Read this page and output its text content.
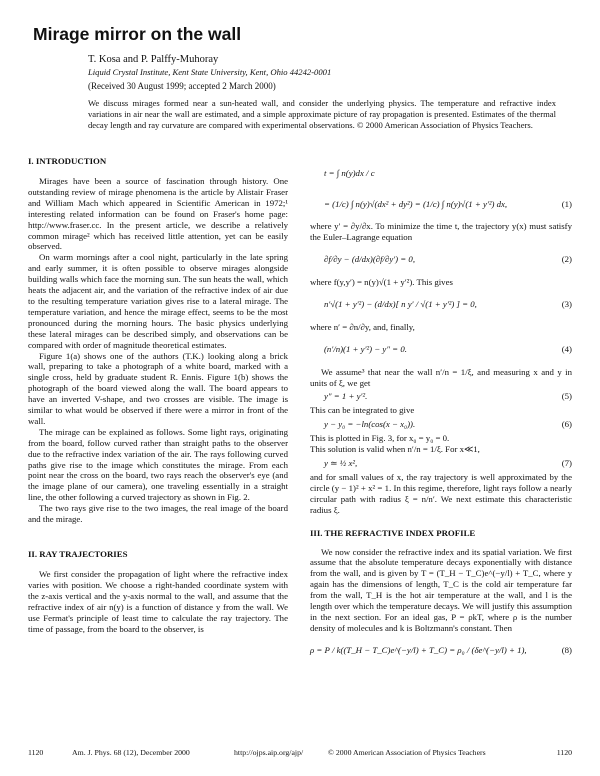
Mirage mirror on the wall
T. Kosa and P. Palffy-Muhoray
Liquid Crystal Institute, Kent State University, Kent, Ohio 44242-0001
(Received 30 August 1999; accepted 2 March 2000)
We discuss mirages formed near a sun-heated wall, and consider the underlying physics. The temperature and refractive index variations in air near the wall are estimated, and a simple approximate picture of ray propagation is presented. Estimates of the thermal decay length and ray curvature are compared with experimental observations. © 2000 American Association of Physics Teachers.
I. INTRODUCTION

Mirages have been a source of fascination through history. One outstanding review of mirage phenomena is the article by Alistair Fraser and William Mach which appeared in Scientific American in 1972;¹ interesting related information can be found on Fraser's home page: http://www.fraser.cc. In the present article, we describe a relatively common mirage² which has received little attention, yet can be easily observed.

On warm mornings after a cool night, particularly in the late spring and early summer, it is often possible to observe mirages alongside building walls which face the morning sun. The sun heats the wall, which heats the adjacent air, and the variation of the refractive index of air due to the resulting temperature variation gives rise to a lateral mirage. The temperature variation, and hence the mirage effect, seems to be the most pronounced during the morning hours. The basic physics underlying these lateral mirages can be described simply, and observations can be compared with order of magnitude theoretical estimates.

Figure 1(a) shows one of the authors (T.K.) looking along a brick wall, preparing to take a photograph of a white board, marked with a single cross, held by graduate student R. Ennis. Figure 1(b) shows the photograph of the board viewed along the wall. The board appears to have an inverted V-shape, and two crosses are visible. The image is similar to what would be observed if there were a mirror in front of the wall.

The mirage can be explained as follows. Some light rays, originating from the board, follow curved rather than straight paths to the observer due to the refractive index variation of the air. The rays following curved paths give rise to the image which constitutes the mirage. From each point near the cross on the board, two rays reach the observer's eye (and the image plane of our camera), one traveling essentially in a straight line, the other following a curved trajectory as shown in Fig. 2.

The two rays give rise to the two images, the real image of the board and the mirage.

II. RAY TRAJECTORIES

We first consider the propagation of light where the refractive index varies with position. We choose a right-handed coordinate system with the z-axis vertical and the y-axis normal to the wall, and assume that the refractive index of air n(y) is a function of distance y from the wall. We use Fermat's principle of least time to calculate the ray trajectory. The time of passage, from the board to the observer, is

t = ∫ n(y)dx / c
= (1/c) ∫ n(y)√(dx² + dy²) = (1/c) ∫ n(y)√(1 + y′²) dx,	(1)

where y′ = ∂y/∂x. To minimize the time t, the trajectory y(x) must satisfy the Euler–Lagrange equation

∂f/∂y − (d/dx)(∂f/∂y′) = 0,	(2)

where f(y,y′) = n(y)√(1 + y′²). This gives

n′√(1 + y′²) − (d/dx)[ n y′ / √(1 + y′²) ] = 0,	(3)

where n′ = ∂n/∂y, and, finally,

(n′/n)(1 + y′²) − y″ = 0.	(4)

We assume³ that near the wall n′/n = 1/ξ, and measuring x and y in units of ξ, we get

y″ = 1 + y′².	(5)

This can be integrated to give

y − y₀ = −ln(cos(x − x₀)).	(6)

This is plotted in Fig. 3, for x₀ = y₀ = 0.

This solution is valid when n′/n = 1/ξ. For x≪1,

y ≃ ½ x²,	(7)

and for small values of x, the ray trajectory is well approximated by the circle (y − 1)² + x² = 1. In this regime, therefore, light rays follow a nearly circular path with radius ξ = n/n′. We next estimate this characteristic radius ξ.

III. THE REFRACTIVE INDEX PROFILE

We now consider the refractive index and its spatial variation. We first assume that the absolute temperature decays exponentially with distance from the wall, and is given by T = (T_H − T_C)e^(−y/l) + T_C, where y again has the dimensions of length, T_C is the cold air temperature far from the wall, T_H is the hot air temperature at the wall, and l is the length over which the temperature decays. We will justify this assumption in the next section. For an ideal gas, P = ρkT, where ρ is the number density of molecules and k is Boltzmann's constant. Then

ρ = P / k((T_H − T_C)e^(−y/l) + T_C) = ρ₀ / (δe^(−y/l) + 1),	(8)
1120	Am. J. Phys. 68 (12), December 2000	http://ojps.aip.org/ajp/	© 2000 American Association of Physics Teachers	1120
